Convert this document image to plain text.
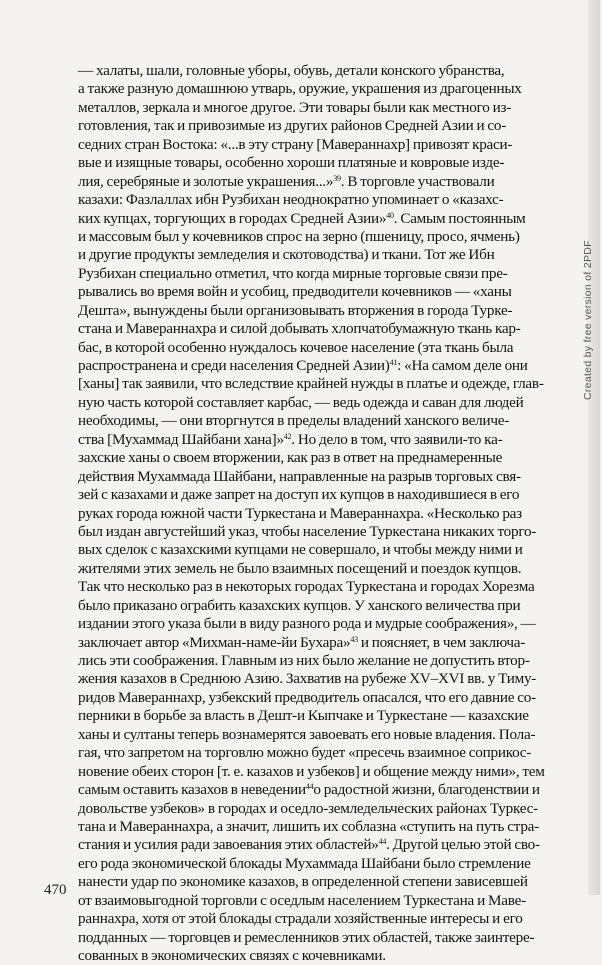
— халаты, шали, головные уборы, обувь, детали конского убранства,
а также разную домашнюю утварь, оружие, украшения из драгоценных
металлов, зеркала и многое другое. Эти товары были как местного из-
готовления, так и привозимые из других районов Средней Азии и со-
седних стран Востока: «...в эту страну [Мавераннахр] привозят краси-
вые и изящные товары, особенно хороши платяные и ковровые изде-
лия, серебряные и золотые украшения...»$^{39}$. В торговле участвовали
казахи: Фазлаллах ибн Рузбихан неоднократно упоминает о «казахс-
ких купцах, торгующих в городах Средней Азии»$^{40}$. Самым постоянным
и массовым был у кочевников спрос на зерно (пшеницу, просо, ячмень)
и другие продукты земледелия и скотоводства) и ткани. Тот же Ибн
Рузбихан специально отметил, что когда мирные торговые связи пре-
рывались во время войн и усобиц, предводители кочевников — «ханы
Дешта», вынуждены были организовывать вторжения в города Турке-
стана и Мавераннахра и силой добывать хлопчатобумажную ткань кар-
бас, в которой особенно нуждалось кочевое население (эта ткань была
распространена и среди населения Средней Азии)$^{41}$: «На самом деле они
[ханы] так заявили, что вследствие крайней нужды в платье и одежде, глав-
ную часть которой составляет карбас, — ведь одежда и саван для людей
необходимы, — они вторгнутся в пределы владений ханского величе-
ства [Мухаммад Шайбани хана]»$^{42}$. Но дело в том, что заявили-то ка-
захские ханы о своем вторжении, как раз в ответ на преднамеренные
действия Мухаммада Шайбани, направленные на разрыв торговых свя-
зей с казахами и даже запрет на доступ их купцов в находившиеся в его
руках города южной части Туркестана и Мавераннахра. «Несколько раз
был издан августейший указ, чтобы население Туркестана никаких торго-
вых сделок с казахскими купцами не совершало, и чтобы между ними и
жителями этих земель не было взаимных посещений и поездок купцов.
Так что несколько раз в некоторых городах Туркестана и городах Хорезма
было приказано ограбить казахских купцов. У ханского величества при
издании этого указа были в виду разного рода и мудрые соображения», —
заключает автор «Михман-наме-йи Бухара»$^{43}$ и поясняет, в чем заключа-
лись эти соображения. Главным из них было желание не допустить втор-
жения казахов в Среднюю Азию. Захватив на рубеже XV–XVI вв. у Тиму-
ридов Мавераннахр, узбекский предводитель опасался, что его давние со-
перники в борьбе за власть в Дешт-и Кыпчаке и Туркестане — казахские
ханы и султаны теперь вознамерятся завоевать его новые владения. Пола-
гая, что запретом на торговлю можно будет «пресечь взаимное соприкос-
новение обеих сторон [т. е. казахов и узбеков] и общение между ними», тем
самым оставить казахов в неведении$^{44}$о радостной жизни, благоденствии и
довольстве узбеков» в городах и оседло-земледельческих районах Туркес-
тана и Мавераннахра, а значит, лишить их соблазна «ступить на путь стра-
стания и усилия ради завоевания этих областей»$^{44}$. Другой целью этой сво-
его рода экономической блокады Мухаммада Шайбани было стремление
нанести удар по экономике казахов, в определенной степени зависевшей
от взаимовыгодной торговли с оседлым населением Туркестана и Маве-
раннахра, хотя от этой блокады страдали хозяйственные интересы и его
подданных — торговцев и ремесленников этих областей, также заинтере-
сованных в экономических связях с кочевниками.
Created by free version of 2PDF
470
